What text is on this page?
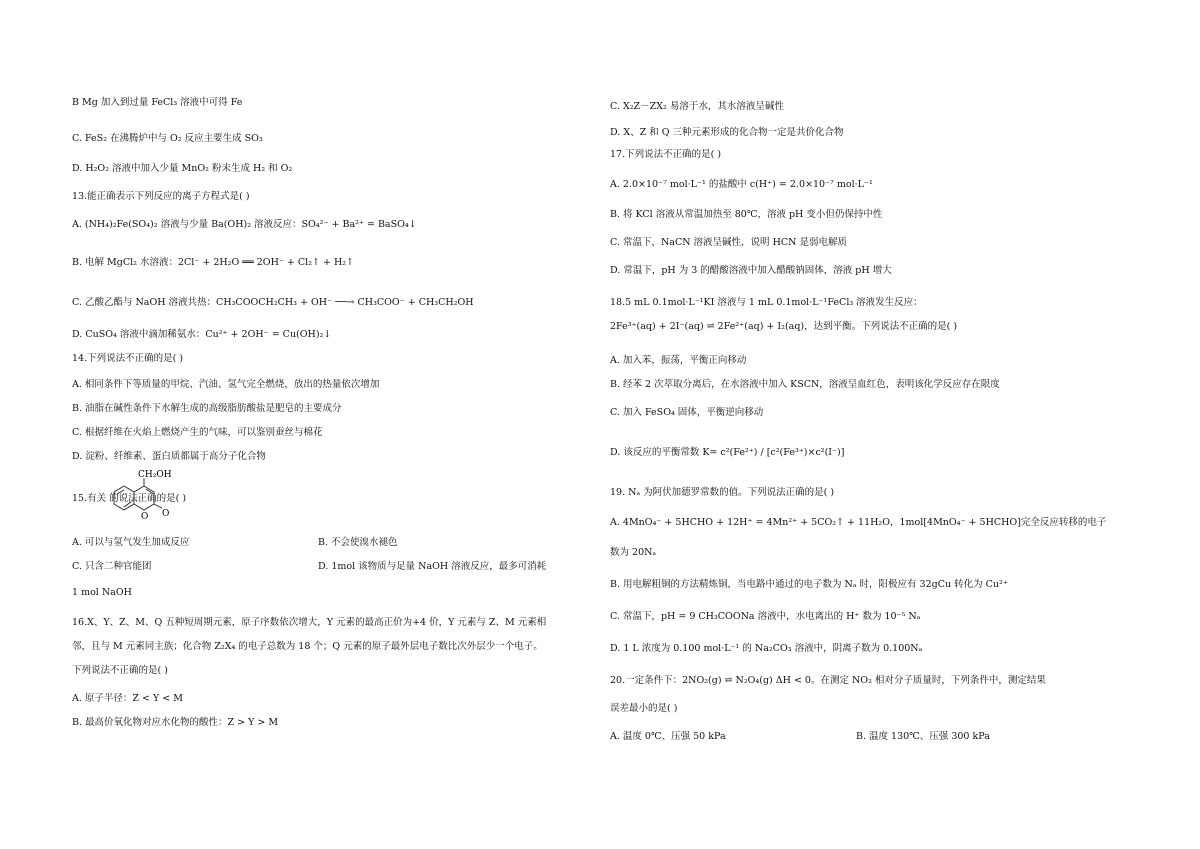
B Mg 加入到过量 FeCl₃ 溶液中可得 Fe
C. FeS₂ 在沸腾炉中与 O₂ 反应主要生成 SO₃
D. H₂O₂ 溶液中加入少量 MnO₂ 粉末生成 H₂ 和 O₂
13.能正确表示下列反应的离子方程式是( )
A. (NH₄)₂Fe(SO₄)₂ 溶液与少量 Ba(OH)₂ 溶液反应：SO₄²⁻ + Ba²⁺ = BaSO₄↓
B. 电解 MgCl₂ 水溶液：2Cl⁻ + 2H₂O ══ 2OH⁻ + Cl₂↑ + H₂↑
C. 乙酸乙酯与 NaOH 溶液共热：CH₃COOCH₂CH₃ + OH⁻ ──→ CH₃COO⁻ + CH₃CH₂OH
D. CuSO₄ 溶液中滴加稀氨水：Cu²⁺ + 2OH⁻ = Cu(OH)₂↓
14.下列说法不正确的是( )
A. 相同条件下等质量的甲烷、汽油、氢气完全燃烧，放出的热量依次增加
B. 油脂在碱性条件下水解生成的高级脂肪酸盐是肥皂的主要成分
C. 根据纤维在火焰上燃烧产生的气味，可以鉴别蚕丝与棉花
D. 淀粉、纤维素、蛋白质都属于高分子化合物
15.有关 的说法正确的是( )
A. 可以与氢气发生加成反应	B. 不会使溴水褪色
C. 只含二种官能团	D. 1mol 该物质与足量 NaOH 溶液反应，最多可消耗
1 mol NaOH
16.X、Y、Z、M、Q 五种短周期元素，原子序数依次增大，Y 元素的最高正价为+4 价，Y 元素与 Z、M 元素相
邻，且与 M 元素同主族；化合物 Z₂X₄ 的电子总数为 18 个；Q 元素的原子最外层电子数比次外层少一个电子。
下列说法不正确的是( )
A. 原子半径：Z < Y < M
B. 最高价氧化物对应水化物的酸性：Z > Y > M
C. X₂Z－ZX₂ 易溶于水，其水溶液呈碱性
D. X、Z 和 Q 三种元素形成的化合物一定是共价化合物
17.下列说法不正确的是( )
A. 2.0×10⁻⁷ mol·L⁻¹ 的盐酸中 c(H⁺) = 2.0×10⁻⁷ mol·L⁻¹
B. 将 KCl 溶液从常温加热至 80℃，溶液 pH 变小但仍保持中性
C. 常温下，NaCN 溶液呈碱性，说明 HCN 是弱电解质
D. 常温下，pH 为 3 的醋酸溶液中加入醋酸钠固体，溶液 pH 增大
18.5 mL 0.1mol·L⁻¹KI 溶液与 1 mL 0.1mol·L⁻¹FeCl₃ 溶液发生反应：
2Fe³⁺(aq) + 2I⁻(aq) ⇌ 2Fe²⁺(aq) + I₂(aq)，达到平衡。下列说法不正确的是( )
A. 加入苯，振荡，平衡正向移动
B. 经苯 2 次萃取分离后，在水溶液中加入 KSCN，溶液呈血红色，表明该化学反应存在限度
C. 加入 FeSO₄ 固体，平衡逆向移动
D. 该反应的平衡常数 K= c²(Fe²⁺) / [c²(Fe³⁺)×c²(I⁻)]
19. Nₐ 为阿伏加德罗常数的值。下列说法正确的是( )
A. 4MnO₄⁻ + 5HCHO + 12H⁺ = 4Mn²⁺ + 5CO₂↑ + 11H₂O，1mol[4MnO₄⁻ + 5HCHO]完全反应转移的电子
数为 20Nₐ
B. 用电解粗铜的方法精炼铜，当电路中通过的电子数为 Nₐ 时，阳极应有 32gCu 转化为 Cu²⁺
C. 常温下，pH = 9 CH₃COONa 溶液中，水电离出的 H⁺ 数为 10⁻⁵ Nₐ
D. 1 L 浓度为 0.100 mol·L⁻¹ 的 Na₂CO₃ 溶液中，阴离子数为 0.100Nₐ
20.一定条件下：2NO₂(g) ⇌ N₂O₄(g) ΔH < 0。在测定 NO₂ 相对分子质量时，下列条件中，测定结果
误差最小的是( )
A. 温度 0℃、压强 50 kPa	B. 温度 130℃、压强 300 kPa
CH₂OH
O O
